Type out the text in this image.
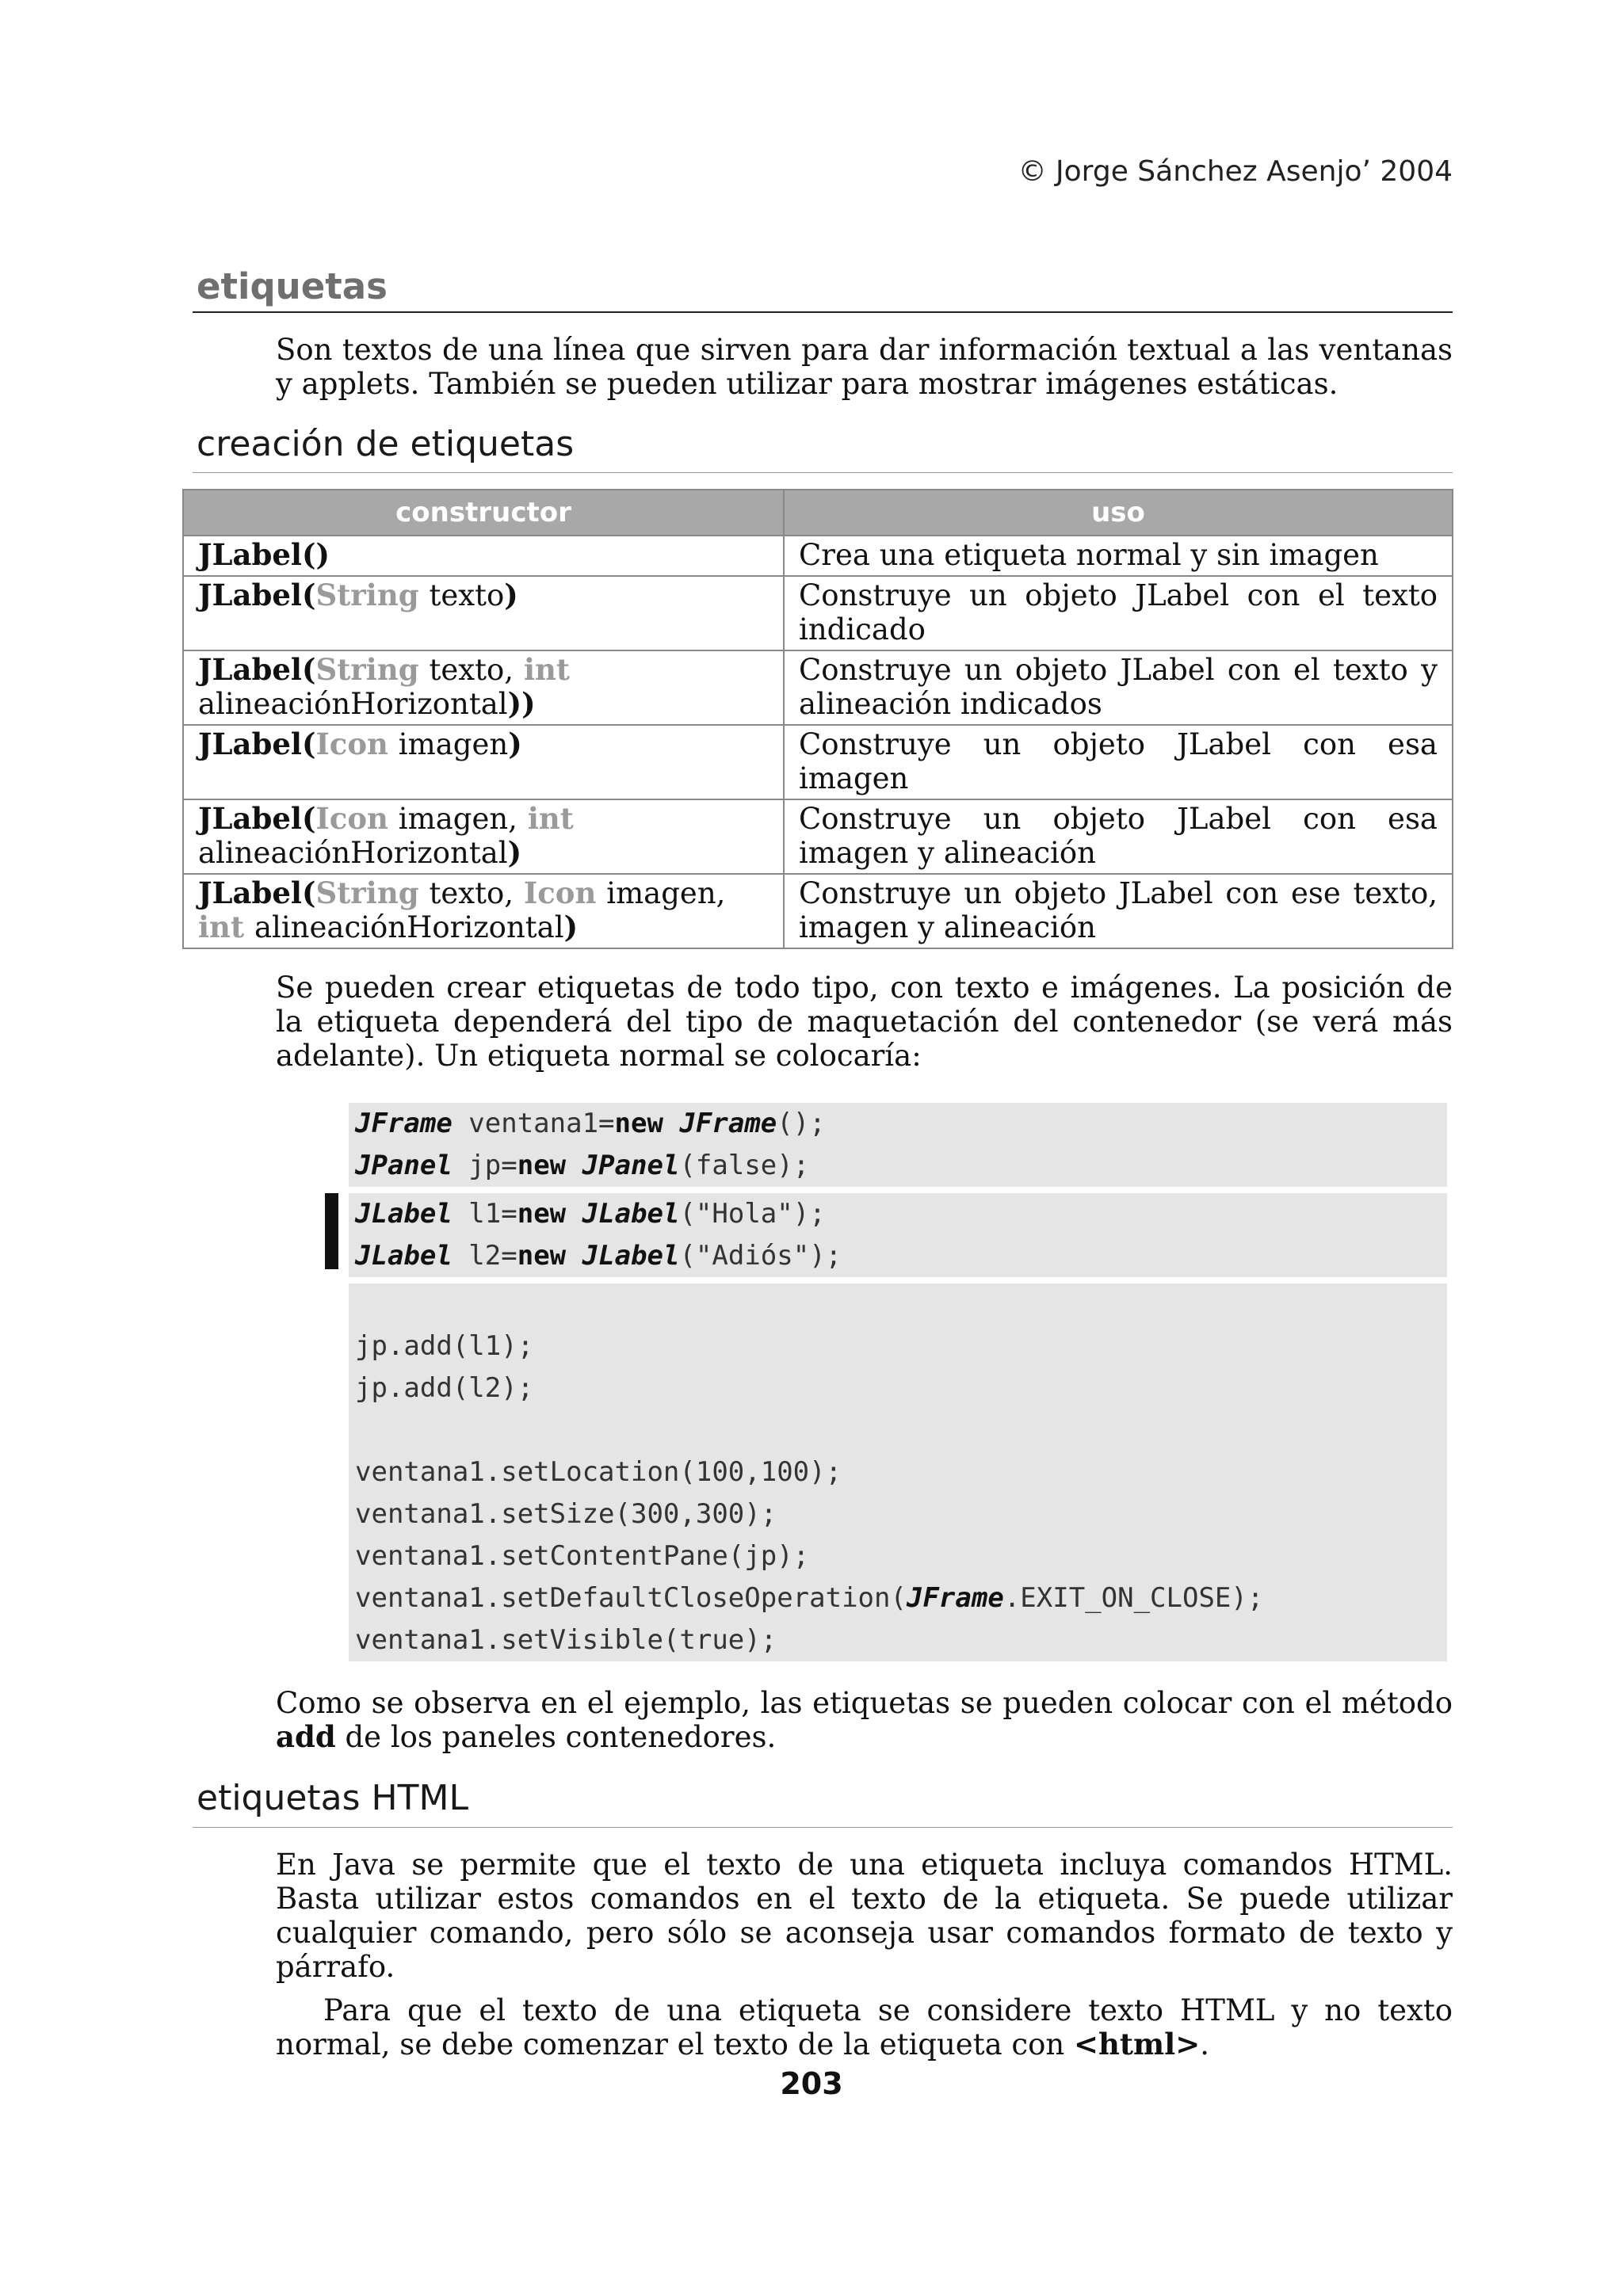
© Jorge Sánchez Asenjo’ 2004
etiquetas

Son textos de una línea que sirven para dar información textual a las ventanas y applets. También se pueden utilizar para mostrar imágenes estáticas.

creación de etiquetas
constructor	uso
JLabel()	Crea una etiqueta normal y sin imagen
JLabel(String texto)	Construye un objeto JLabel con el texto indicado
JLabel(String texto, int alineaciónHorizontal))	Construye un objeto JLabel con el texto y alineación indicados
JLabel(Icon imagen)	Construye un objeto JLabel con esa imagen
JLabel(Icon imagen, int alineaciónHorizontal)	Construye un objeto JLabel con esa imagen y alineación
JLabel(String texto, Icon imagen, int alineaciónHorizontal)	Construye un objeto JLabel con ese texto, imagen y alineación

Se pueden crear etiquetas de todo tipo, con texto e imágenes. La posición de la etiqueta dependerá del tipo de maquetación del contenedor (se verá más adelante). Un etiqueta normal se colocaría:

JFrame ventana1=new JFrame();
JPanel jp=new JPanel(false);
JLabel l1=new JLabel("Hola");
JLabel l2=new JLabel("Adiós");

jp.add(l1);
jp.add(l2);

ventana1.setLocation(100,100);
ventana1.setSize(300,300);
ventana1.setContentPane(jp);
ventana1.setDefaultCloseOperation(JFrame.EXIT_ON_CLOSE);
ventana1.setVisible(true);

Como se observa en el ejemplo, las etiquetas se pueden colocar con el método add de los paneles contenedores.

etiquetas HTML

En Java se permite que el texto de una etiqueta incluya comandos HTML. Basta utilizar estos comandos en el texto de la etiqueta. Se puede utilizar cualquier comando, pero sólo se aconseja usar comandos formato de texto y párrafo.

Para que el texto de una etiqueta se considere texto HTML y no texto normal, se debe comenzar el texto de la etiqueta con <html>.

203
